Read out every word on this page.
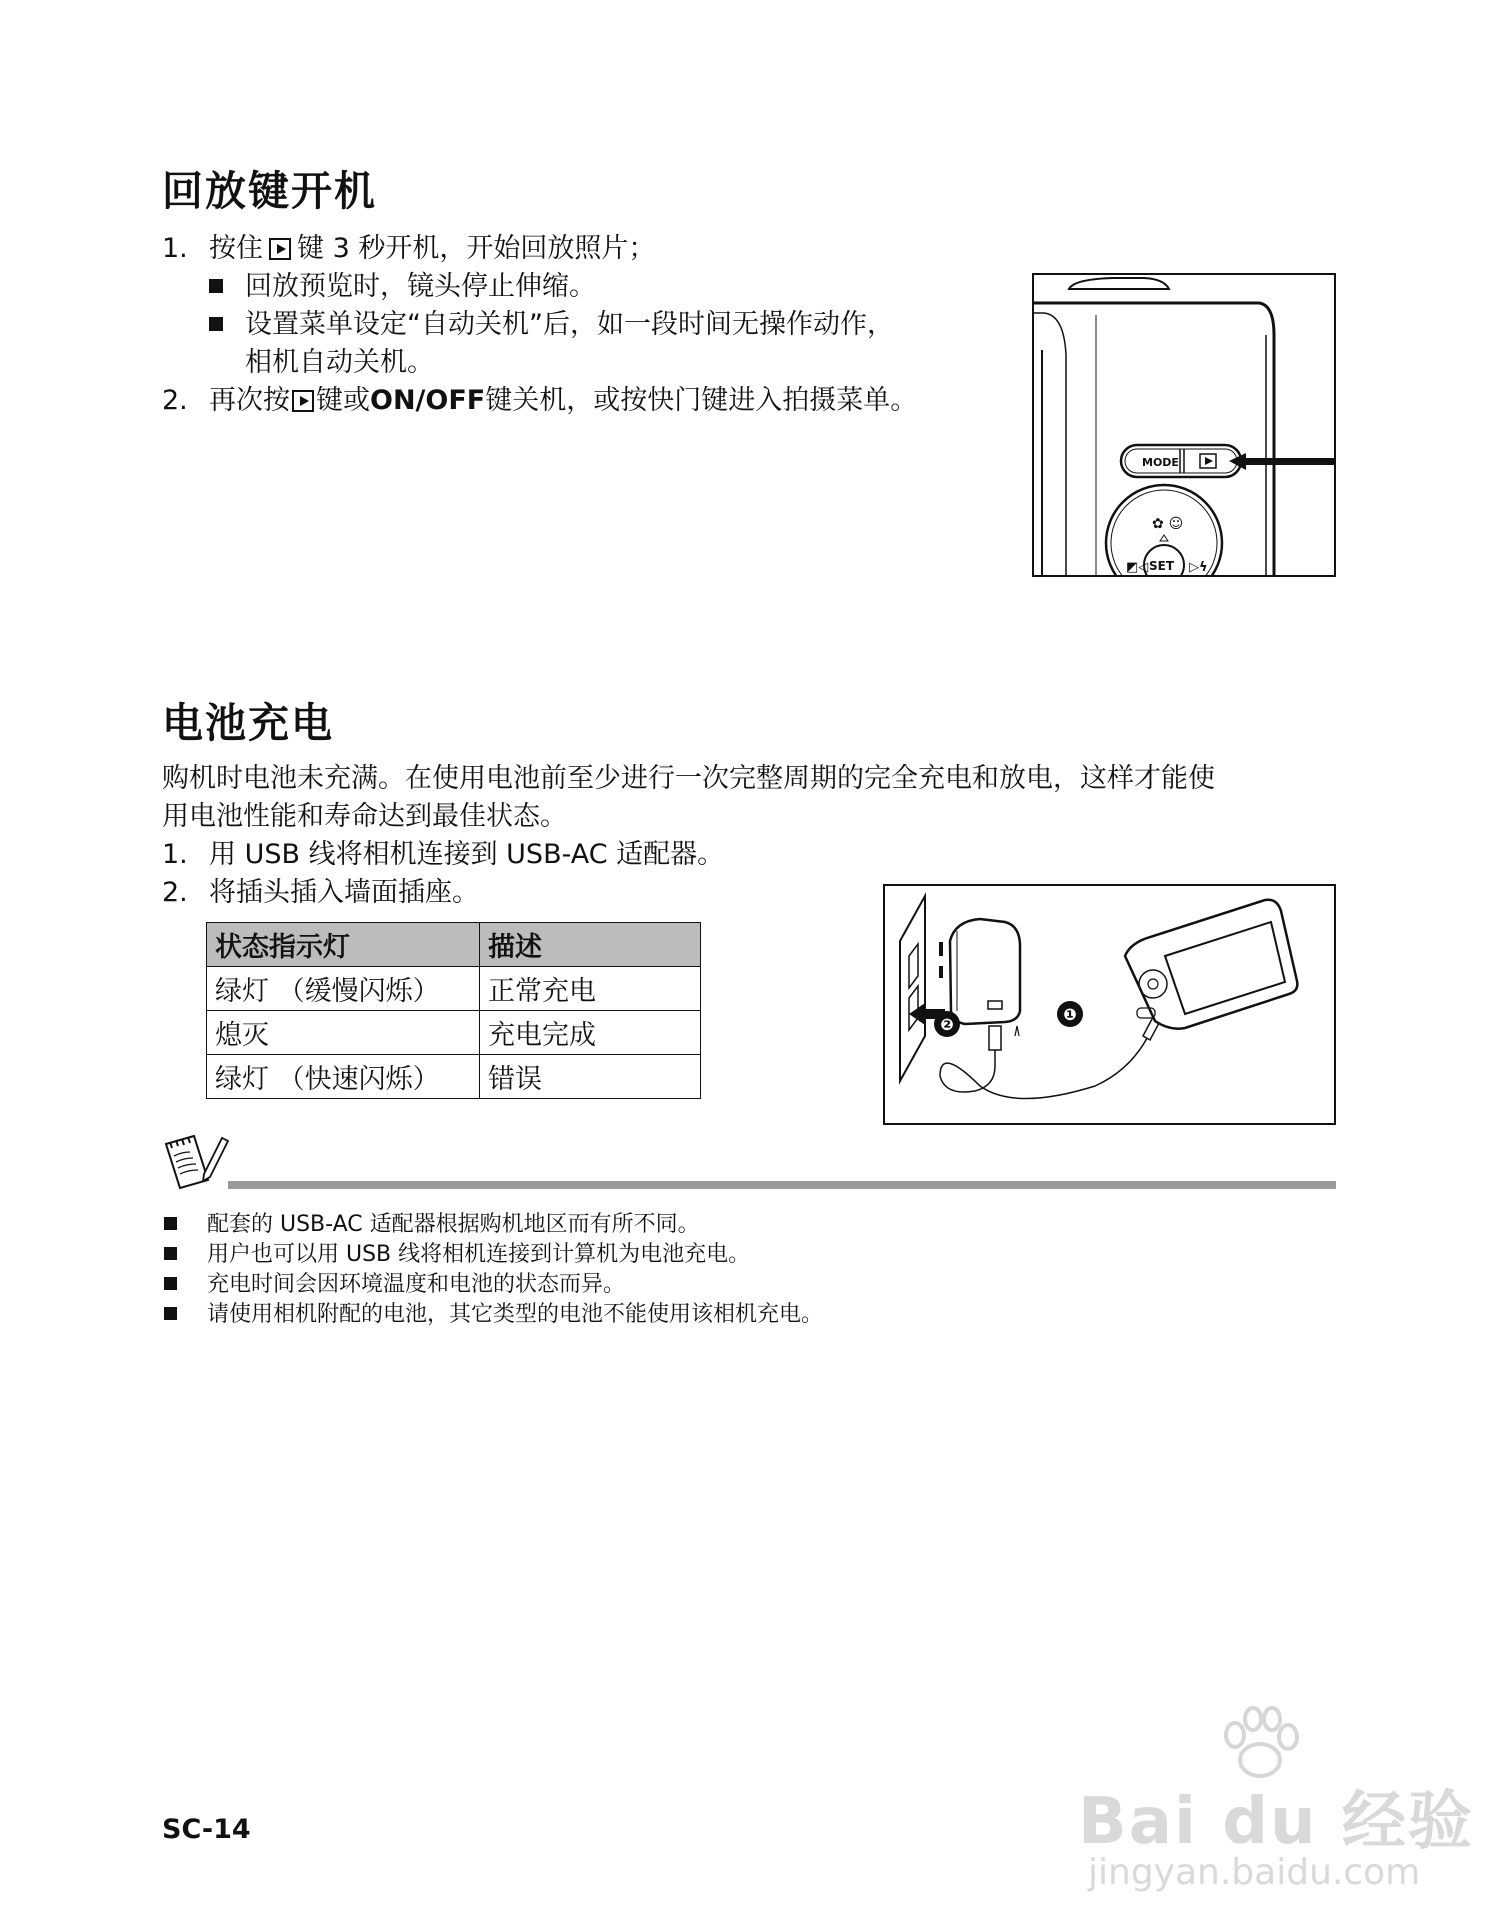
回放键开机
1. 按住 键 3 秒开机，开始回放照片；
回放预览时，镜头停止伸缩。
设置菜单设定“自动关机”后，如一段时间无操作动作，
相机自动关机。
2. 再次按 键或ON/OFF键关机，或按快门键进入拍摄菜单。
MODE
SET
✿ ☺
◩◁	▷ϟ
电池充电
购机时电池未充满。在使用电池前至少进行一次完整周期的完全充电和放电，这样才能使
用电池性能和寿命达到最佳状态。
1. 用 USB 线将相机连接到 USB-AC 适配器。
2. 将插头插入墙面插座。
状态指示灯	描述
绿灯 （缓慢闪烁）	正常充电
熄灭	充电完成
绿灯 （快速闪烁）	错误
❷
❶
配套的 USB-AC 适配器根据购机地区而有所不同。
用户也可以用 USB 线将相机连接到计算机为电池充电。
充电时间会因环境温度和电池的状态而异。
请使用相机附配的电池，其它类型的电池不能使用该相机充电。
Bai du 经验
jingyan.baidu.com
SC-14
